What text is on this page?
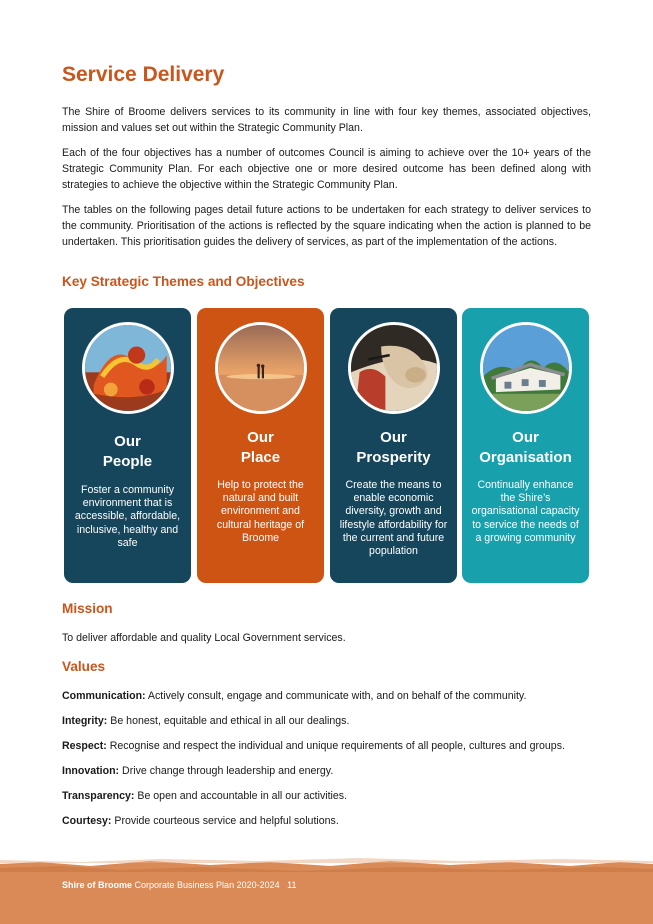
Service Delivery

The Shire of Broome delivers services to its community in line with four key themes, associated objectives, mission and values set out within the Strategic Community Plan.

Each of the four objectives has a number of outcomes Council is aiming to achieve over the 10+ years of the Strategic Community Plan. For each objective one or more desired outcome has been defined along with strategies to achieve the objective within the Strategic Community Plan.

The tables on the following pages detail future actions to be undertaken for each strategy to deliver services to the community. Prioritisation of the actions is reflected by the square indicating when the action is planned to be undertaken. This prioritisation guides the delivery of services, as part of the implementation of the actions.

Key Strategic Themes and Objectives
Our
People
Foster a community environment that is accessible, affordable, inclusive, healthy and safe
Our
Place
Help to protect the natural and built environment and cultural heritage of Broome
Our
Prosperity
Create the means to enable economic diversity, growth and lifestyle affordability for the current and future population
Our
Organisation
Continually enhance the Shire’s organisational capacity to service the needs of a growing community
Mission

To deliver affordable and quality Local Government services.

Values
Communication: Actively consult, engage and communicate with, and on behalf of the community.
Integrity: Be honest, equitable and ethical in all our dealings.
Respect: Recognise and respect the individual and unique requirements of all people, cultures and groups.
Innovation: Drive change through leadership and energy.
Transparency: Be open and accountable in all our activities.
Courtesy: Provide courteous service and helpful solutions.
Shire of Broome Corporate Business Plan 2020-2024 11
